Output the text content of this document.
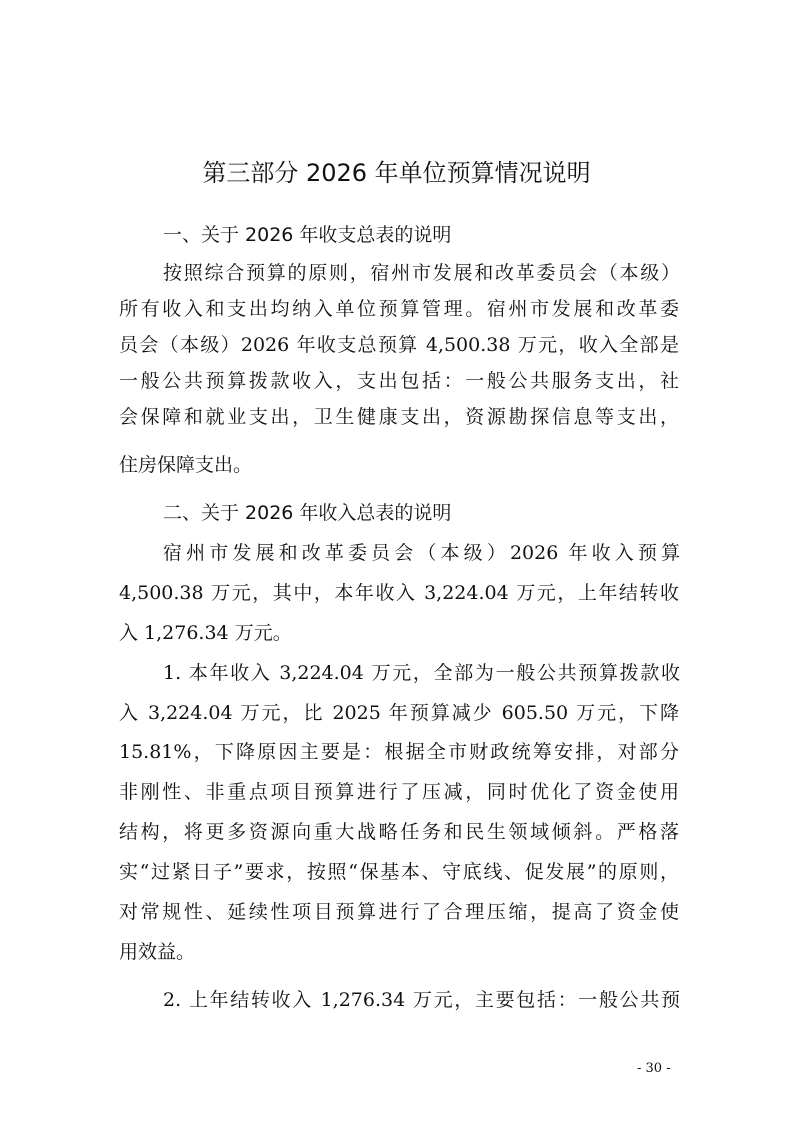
第三部分 2026 年单位预算情况说明
一、关于 2026 年收支总表的说明
按照综合预算的原则，宿州市发展和改革委员会（本级）
所有收入和支出均纳入单位预算管理。宿州市发展和改革委
员会（本级）2026 年收支总预算 4,500.38 万元，收入全部是
一般公共预算拨款收入，支出包括：一般公共服务支出，社
会保障和就业支出，卫生健康支出，资源勘探信息等支出，
住房保障支出。
二、关于 2026 年收入总表的说明
宿州市发展和改革委员会（本级）2026 年收入预算
4,500.38 万元，其中，本年收入 3,224.04 万元，上年结转收
入 1,276.34 万元。
1. 本年收入 3,224.04 万元，全部为一般公共预算拨款收
入 3,224.04 万元，比 2025 年预算减少 605.50 万元，下降
15.81%，下降原因主要是：根据全市财政统筹安排，对部分
非刚性、非重点项目预算进行了压减，同时优化了资金使用
结构，将更多资源向重大战略任务和民生领域倾斜。严格落
实“过紧日子”要求，按照“保基本、守底线、促发展”的原则，
对常规性、延续性项目预算进行了合理压缩，提高了资金使
用效益。
2. 上年结转收入 1,276.34 万元，主要包括：一般公共预
- 30 -
